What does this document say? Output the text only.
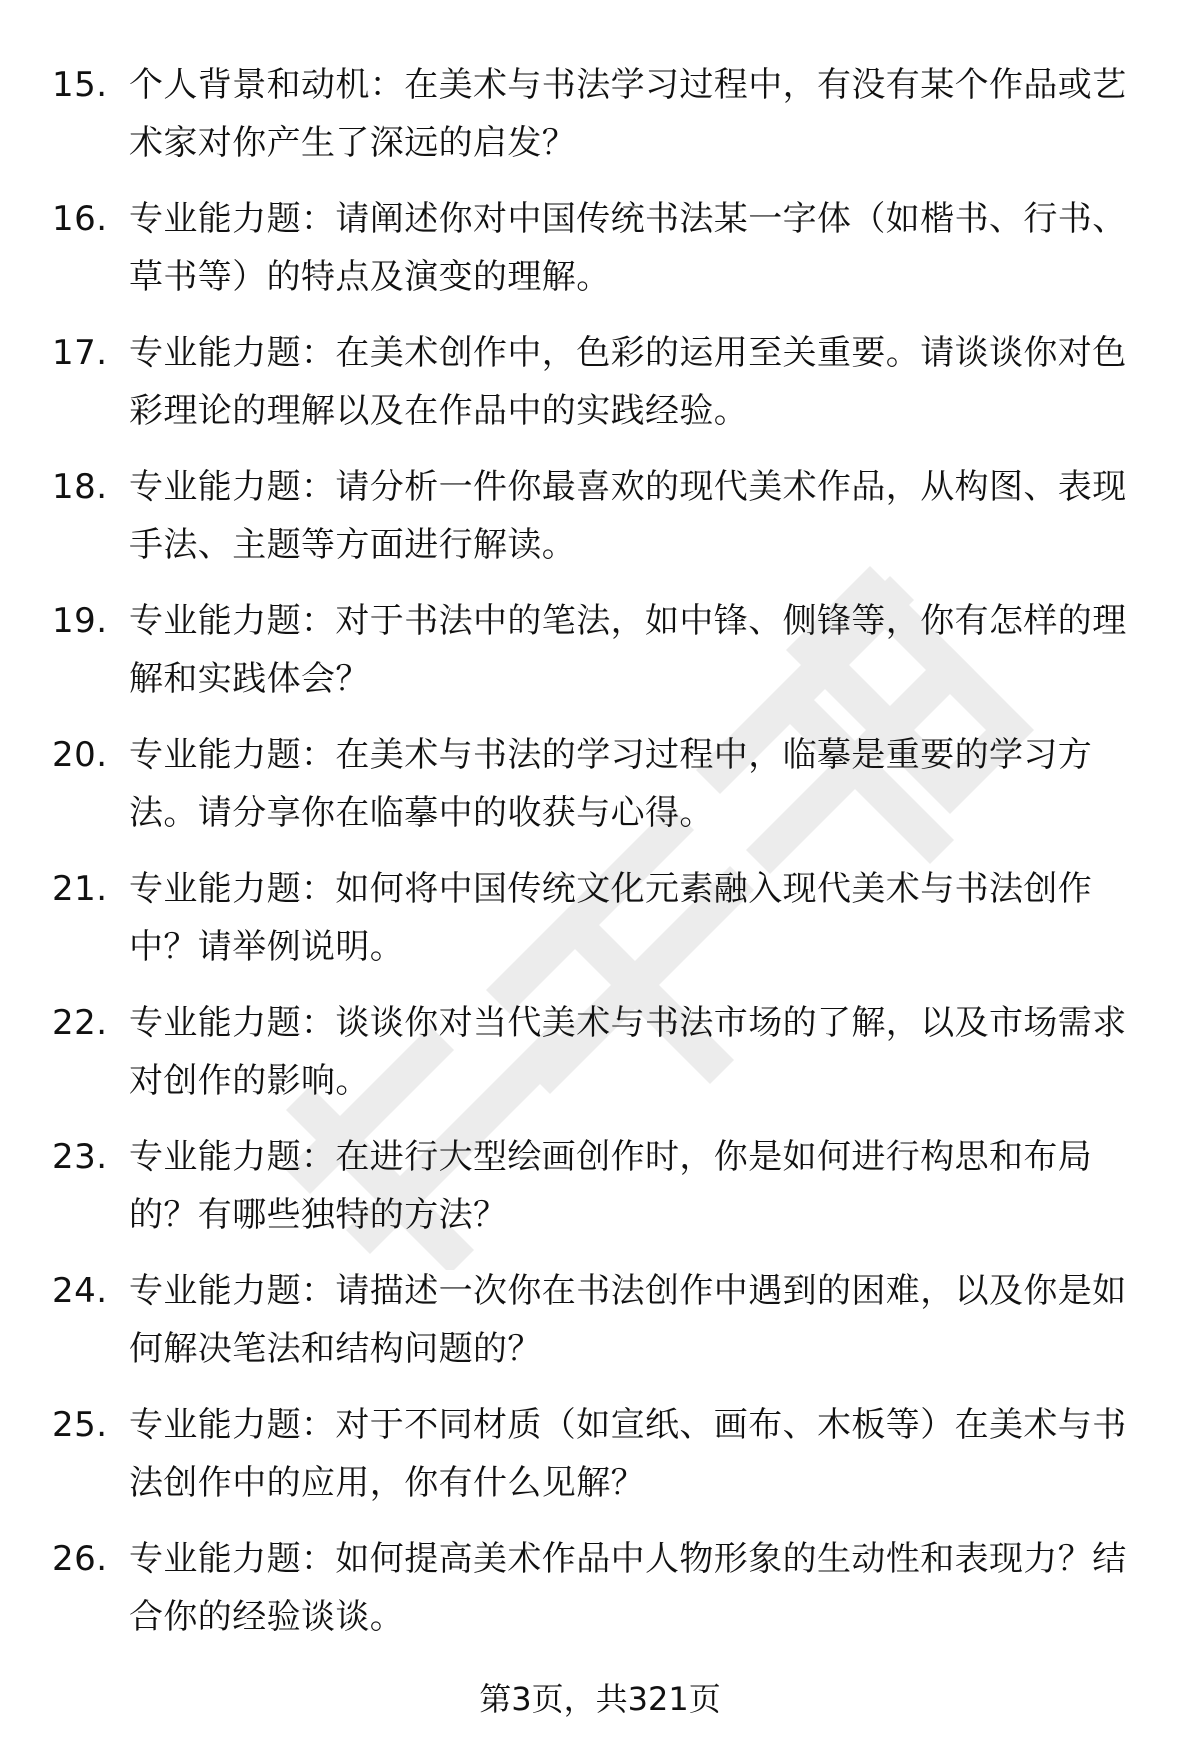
15. 个人背景和动机：在美术与书法学习过程中，有没有某个作品或艺术家对你产生了深远的启发？
16. 专业能力题：请阐述你对中国传统书法某一字体（如楷书、行书、草书等）的特点及演变的理解。
17. 专业能力题：在美术创作中，色彩的运用至关重要。请谈谈你对色彩理论的理解以及在作品中的实践经验。
18. 专业能力题：请分析一件你最喜欢的现代美术作品，从构图、表现手法、主题等方面进行解读。
19. 专业能力题：对于书法中的笔法，如中锋、侧锋等，你有怎样的理解和实践体会？
20. 专业能力题：在美术与书法的学习过程中，临摹是重要的学习方法。请分享你在临摹中的收获与心得。
21. 专业能力题：如何将中国传统文化元素融入现代美术与书法创作中？请举例说明。
22. 专业能力题：谈谈你对当代美术与书法市场的了解，以及市场需求对创作的影响。
23. 专业能力题：在进行大型绘画创作时，你是如何进行构思和布局的？有哪些独特的方法？
24. 专业能力题：请描述一次你在书法创作中遇到的困难，以及你是如何解决笔法和结构问题的？
25. 专业能力题：对于不同材质（如宣纸、画布、木板等）在美术与书法创作中的应用，你有什么见解？
26. 专业能力题：如何提高美术作品中人物形象的生动性和表现力？结合你的经验谈谈。
第3页，共321页
